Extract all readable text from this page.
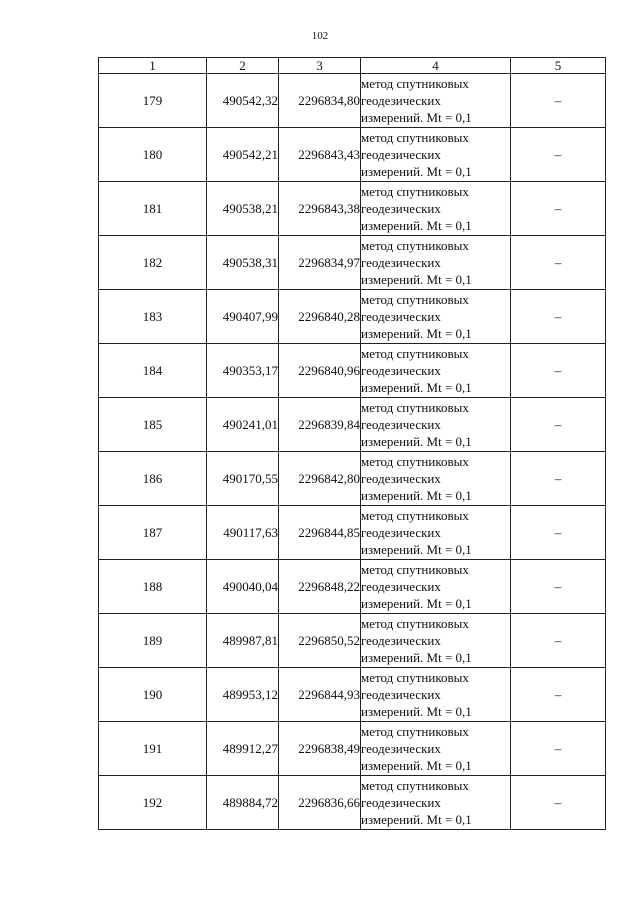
102
1	2	3	4	5
179	490542,32	2296834,80	метод спутниковых
геодезических
измерений. Mt = 0,1	–
180	490542,21	2296843,43	метод спутниковых
геодезических
измерений. Mt = 0,1	–
181	490538,21	2296843,38	метод спутниковых
геодезических
измерений. Mt = 0,1	–
182	490538,31	2296834,97	метод спутниковых
геодезических
измерений. Mt = 0,1	–
183	490407,99	2296840,28	метод спутниковых
геодезических
измерений. Mt = 0,1	–
184	490353,17	2296840,96	метод спутниковых
геодезических
измерений. Mt = 0,1	–
185	490241,01	2296839,84	метод спутниковых
геодезических
измерений. Mt = 0,1	–
186	490170,55	2296842,80	метод спутниковых
геодезических
измерений. Mt = 0,1	–
187	490117,63	2296844,85	метод спутниковых
геодезических
измерений. Mt = 0,1	–
188	490040,04	2296848,22	метод спутниковых
геодезических
измерений. Mt = 0,1	–
189	489987,81	2296850,52	метод спутниковых
геодезических
измерений. Mt = 0,1	–
190	489953,12	2296844,93	метод спутниковых
геодезических
измерений. Mt = 0,1	–
191	489912,27	2296838,49	метод спутниковых
геодезических
измерений. Mt = 0,1	–
192	489884,72	2296836,66	метод спутниковых
геодезических
измерений. Mt = 0,1	–
